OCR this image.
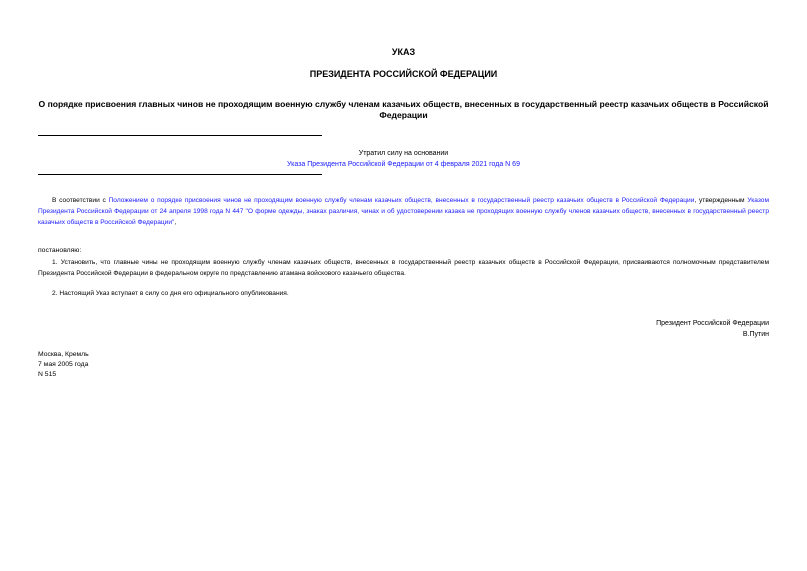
УКАЗ
ПРЕЗИДЕНТА РОССИЙСКОЙ ФЕДЕРАЦИИ
О порядке присвоения главных чинов не проходящим военную службу членам казачьих обществ, внесенных в государственный реестр казачьих обществ в Российской Федерации
Утратил силу на основании
Указа Президента Российской Федерации от 4 февраля 2021 года N 69
В соответствии с Положением о порядке присвоения чинов не проходящим военную службу членам казачьих обществ, внесенных в государственный реестр казачьих обществ в Российской Федерации, утвержденным Указом Президента Российской Федерации от 24 апреля 1998 года N 447 "О форме одежды, знаках различия, чинах и об удостоверении казака не проходящих военную службу членов казачьих обществ, внесенных в государственный реестр казачьих обществ в Российской Федерации",
постановляю:
1. Установить, что главные чины не проходящим военную службу членам казачьих обществ, внесенных в государственный реестр казачьих обществ в Российской Федерации, присваиваются полномочным представителем Президента Российской Федерации в федеральном округе по представлению атамана войскового казачьего общества.
2. Настоящий Указ вступает в силу со дня его официального опубликования.
Президент Российской Федерации
В.Путин
Москва, Кремль
7 мая 2005 года
N 515
